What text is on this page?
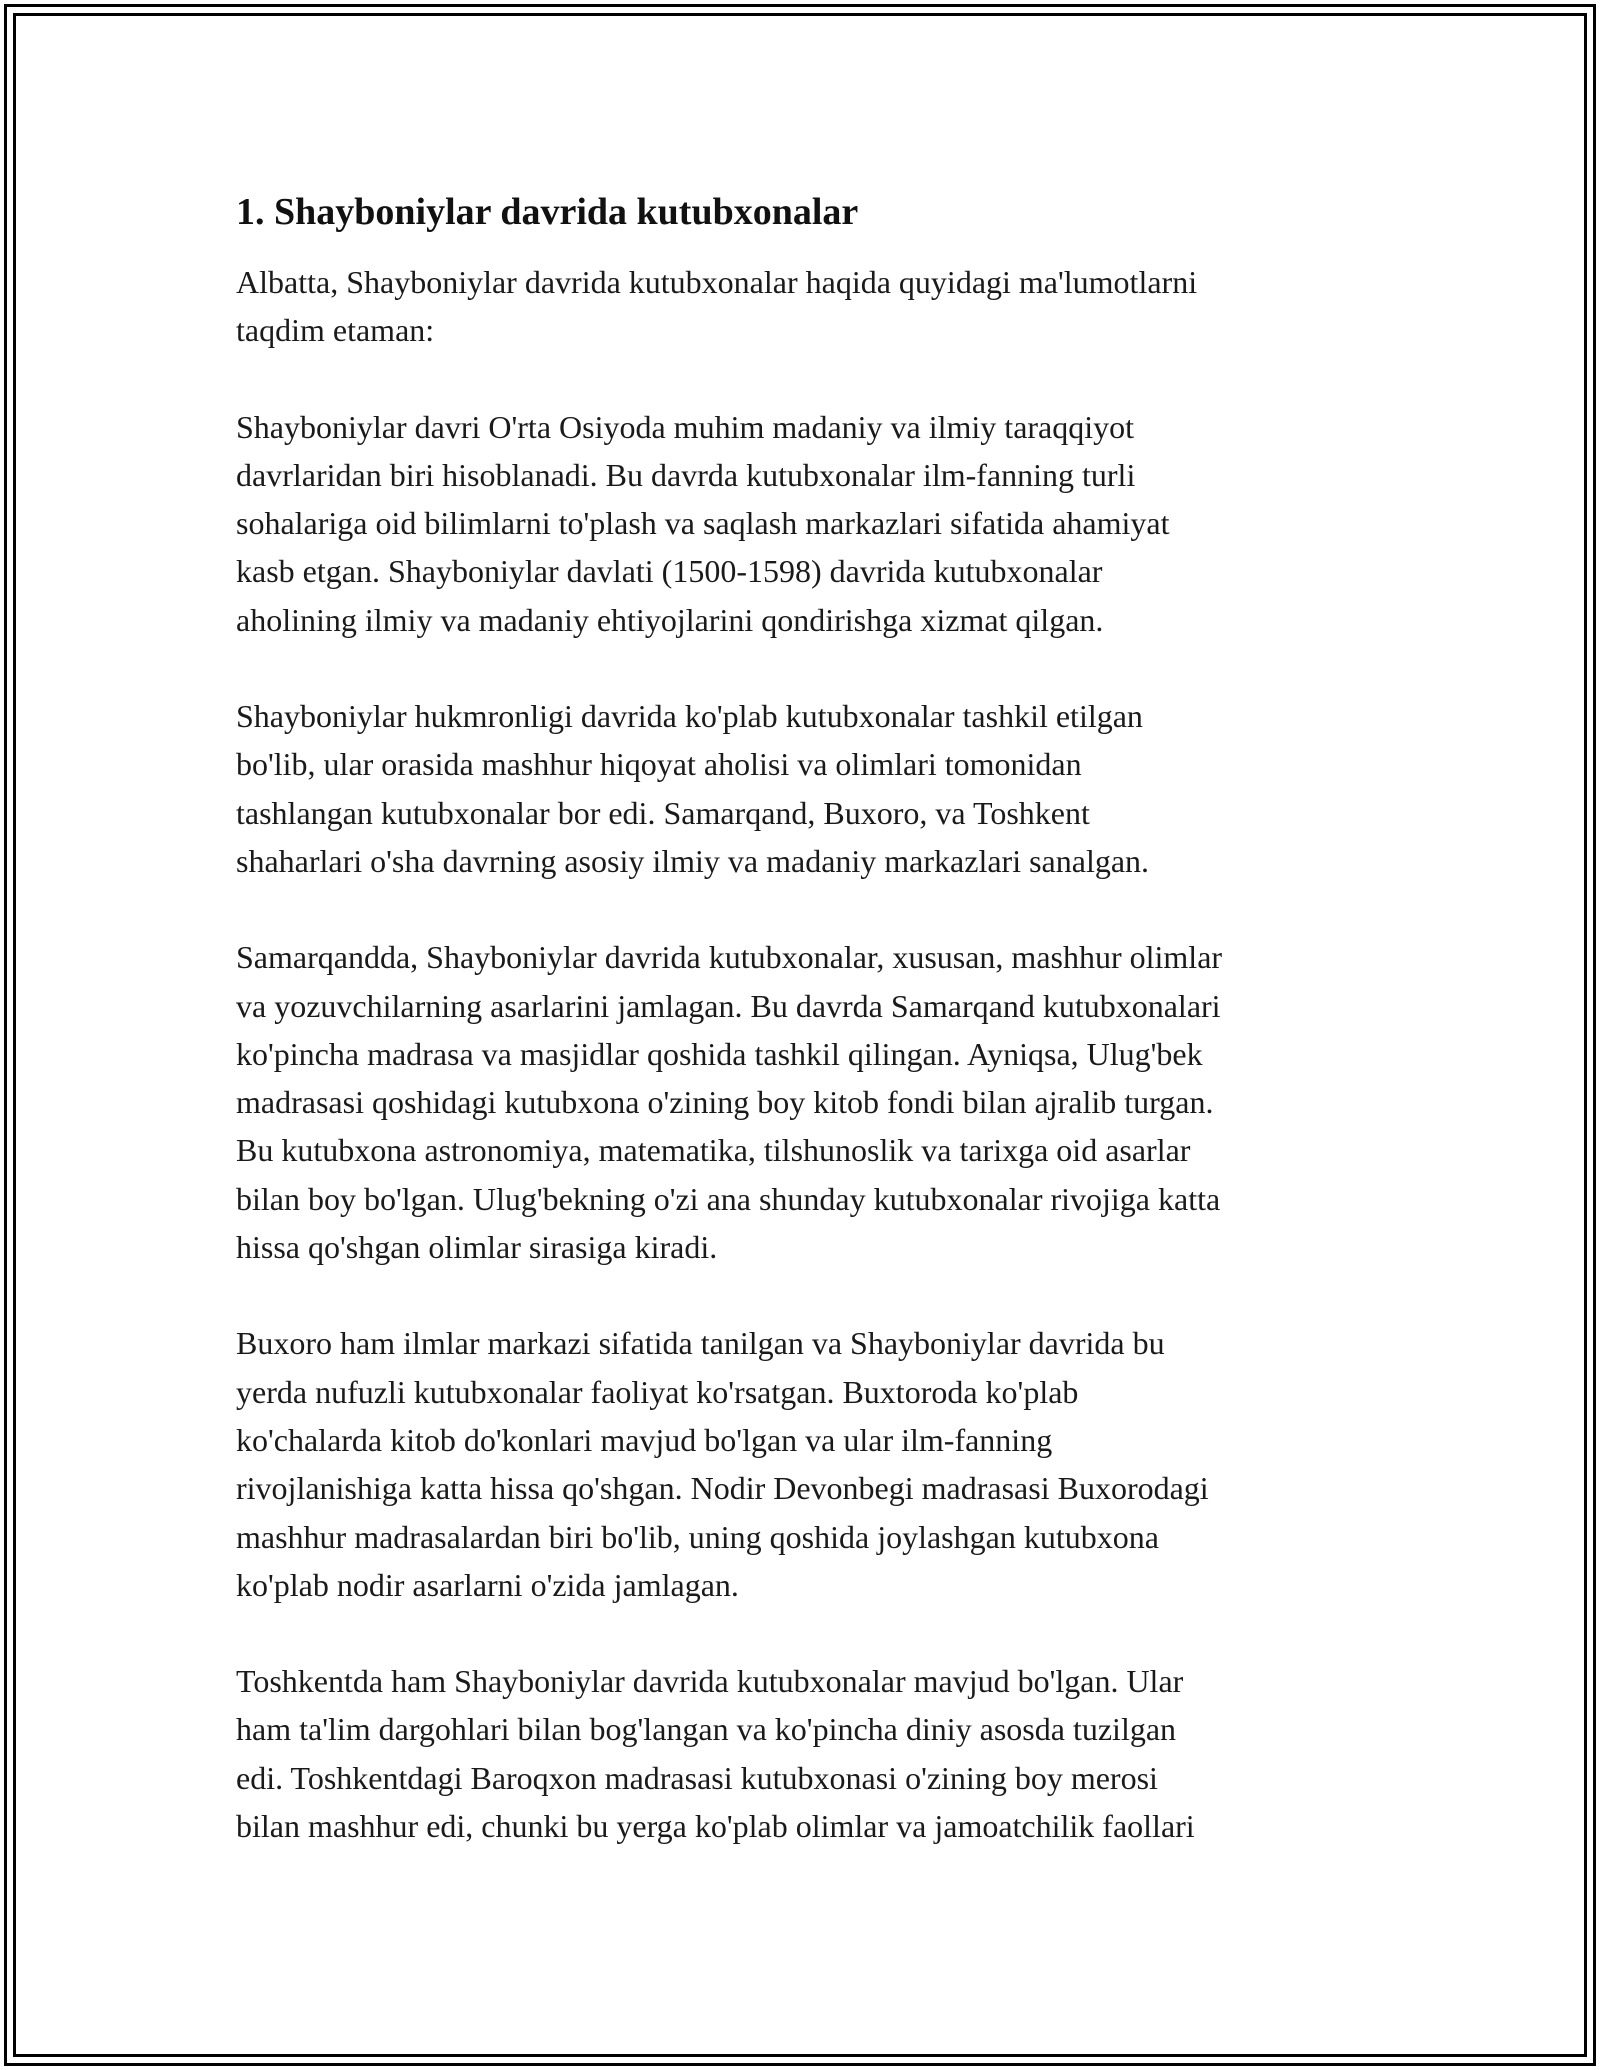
1. Shayboniylar davrida kutubxonalar

Albatta, Shayboniylar davrida kutubxonalar haqida quyidagi ma'lumotlarni
taqdim etaman:

Shayboniylar davri O'rta Osiyoda muhim madaniy va ilmiy taraqqiyot
davrlaridan biri hisoblanadi. Bu davrda kutubxonalar ilm-fanning turli
sohalariga oid bilimlarni to'plash va saqlash markazlari sifatida ahamiyat
kasb etgan. Shayboniylar davlati (1500-1598) davrida kutubxonalar
aholining ilmiy va madaniy ehtiyojlarini qondirishga xizmat qilgan.

Shayboniylar hukmronligi davrida ko'plab kutubxonalar tashkil etilgan
bo'lib, ular orasida mashhur hiqoyat aholisi va olimlari tomonidan
tashlangan kutubxonalar bor edi. Samarqand, Buxoro, va Toshkent
shaharlari o'sha davrning asosiy ilmiy va madaniy markazlari sanalgan.

Samarqandda, Shayboniylar davrida kutubxonalar, xususan, mashhur olimlar
va yozuvchilarning asarlarini jamlagan. Bu davrda Samarqand kutubxonalari
ko'pincha madrasa va masjidlar qoshida tashkil qilingan. Ayniqsa, Ulug'bek
madrasasi qoshidagi kutubxona o'zining boy kitob fondi bilan ajralib turgan.
Bu kutubxona astronomiya, matematika, tilshunoslik va tarixga oid asarlar
bilan boy bo'lgan. Ulug'bekning o'zi ana shunday kutubxonalar rivojiga katta
hissa qo'shgan olimlar sirasiga kiradi.

Buxoro ham ilmlar markazi sifatida tanilgan va Shayboniylar davrida bu
yerda nufuzli kutubxonalar faoliyat ko'rsatgan. Buxtoroda ko'plab
ko'chalarda kitob do'konlari mavjud bo'lgan va ular ilm-fanning
rivojlanishiga katta hissa qo'shgan. Nodir Devonbegi madrasasi Buxorodagi
mashhur madrasalardan biri bo'lib, uning qoshida joylashgan kutubxona
ko'plab nodir asarlarni o'zida jamlagan.

Toshkentda ham Shayboniylar davrida kutubxonalar mavjud bo'lgan. Ular
ham ta'lim dargohlari bilan bog'langan va ko'pincha diniy asosda tuzilgan
edi. Toshkentdagi Baroqxon madrasasi kutubxonasi o'zining boy merosi
bilan mashhur edi, chunki bu yerga ko'plab olimlar va jamoatchilik faollari
